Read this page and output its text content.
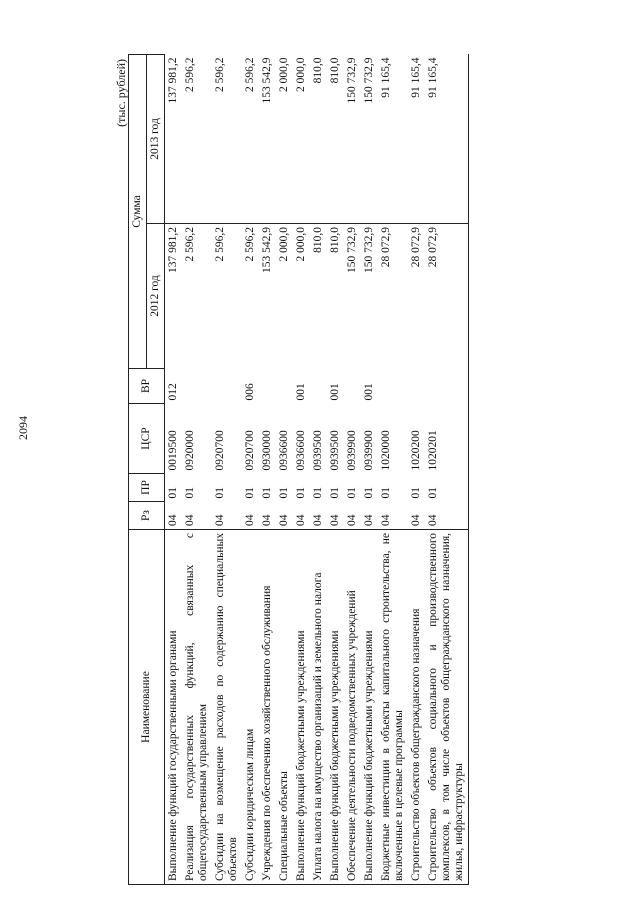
2094
(тыс. рублей)
Наименование	Рз	ПР	ЦСР	ВР	Сумма	
					2012 год	2013 год
Выполнение функций государственными органами	04	01	0019500	012	137 981,2	137 981,2
Реализация государственных функций, связанных с общегосударственным управлением	04	01	0920000		2 596,2	2 596,2
Субсидии на возмещение расходов по содержанию специальных объектов	04	01	0920700		2 596,2	2 596,2
Субсидии юридическим лицам	04	01	0920700	006	2 596,2	2 596,2
Учреждения по обеспечению хозяйственного обслуживания	04	01	0930000		153 542,9	153 542,9
Специальные объекты	04	01	0936600		2 000,0	2 000,0
Выполнение функций бюджетными учреждениями	04	01	0936600	001	2 000,0	2 000,0
Уплата налога на имущество организаций и земельного налога	04	01	0939500		810,0	810,0
Выполнение функций бюджетными учреждениями	04	01	0939500	001	810,0	810,0
Обеспечение деятельности подведомственных учреждений	04	01	0939900		150 732,9	150 732,9
Выполнение функций бюджетными учреждениями	04	01	0939900	001	150 732,9	150 732,9
Бюджетные инвестиции в объекты капитального строительства, не включенные в целевые программы	04	01	1020000		28 072,9	91 165,4
Строительство объектов общегражданского назначения	04	01	1020200		28 072,9	91 165,4
Строительство объектов социального и производственного комплексов, в том числе объектов общегражданского назначения, жилья, инфраструктуры	04	01	1020201		28 072,9	91 165,4
